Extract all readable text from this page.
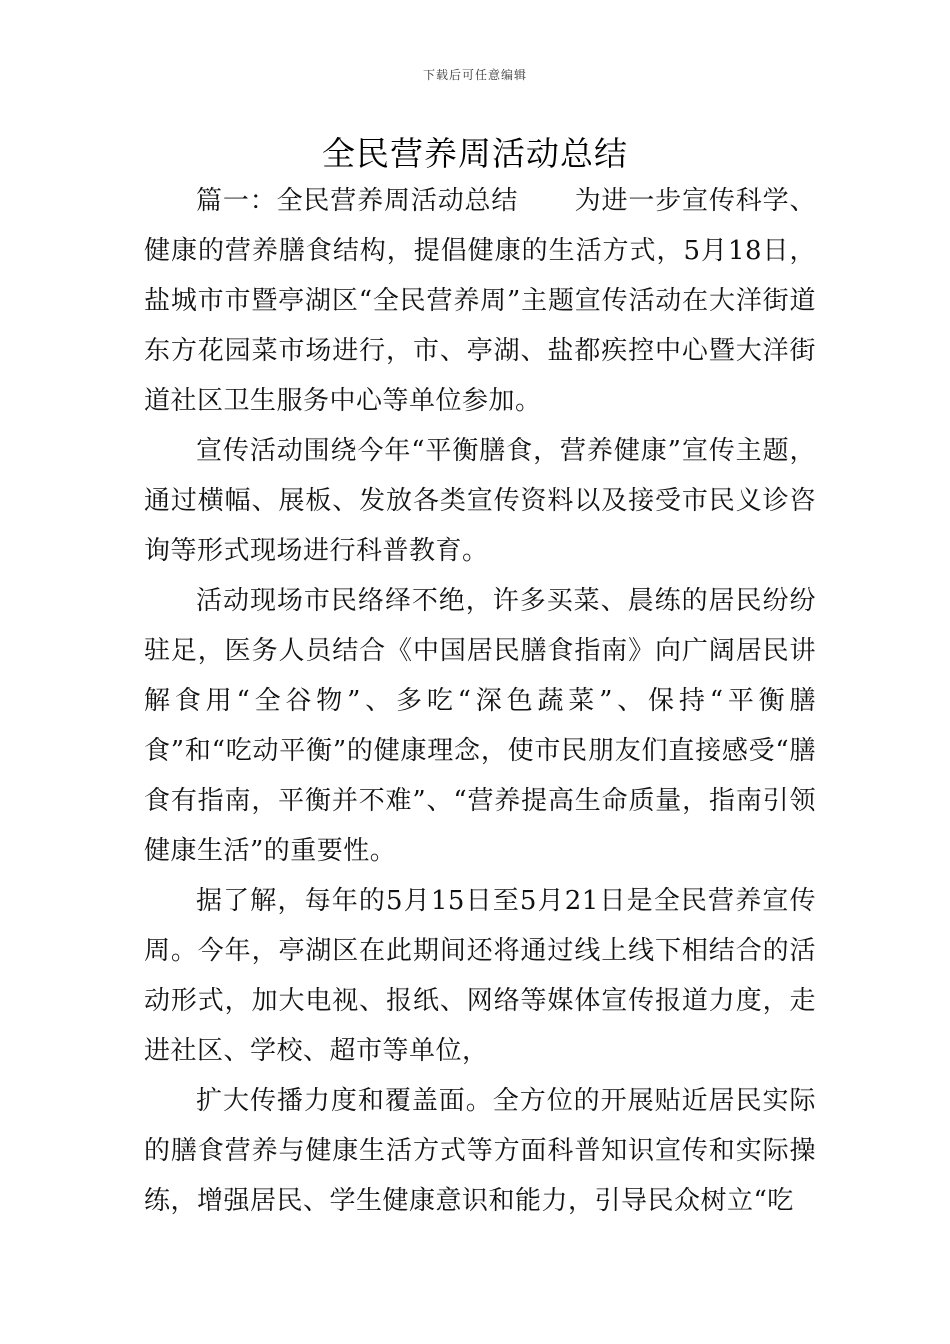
下载后可任意编辑
全民营养周活动总结

篇一：全民营养周活动总结 为进一步宣传科学、健康的营养膳食结构，提倡健康的生活方式，5月18日，盐城市市暨亭湖区“全民营养周”主题宣传活动在大洋街道东方花园菜市场进行，市、亭湖、盐都疾控中心暨大洋街道社区卫生服务中心等单位参加。

宣传活动围绕今年“平衡膳食，营养健康”宣传主题，通过横幅、展板、发放各类宣传资料以及接受市民义诊咨询等形式现场进行科普教育。

活动现场市民络绎不绝，许多买菜、晨练的居民纷纷驻足，医务人员结合《中国居民膳食指南》向广阔居民讲解食用“全谷物”、多吃“深色蔬菜”、保持“平衡膳食”和“吃动平衡”的健康理念，使市民朋友们直接感受“膳食有指南，平衡并不难”、“营养提高生命质量，指南引领健康生活”的重要性。

据了解，每年的5月15日至5月21日是全民营养宣传周。今年，亭湖区在此期间还将通过线上线下相结合的活动形式，加大电视、报纸、网络等媒体宣传报道力度，走进社区、学校、超市等单位，

扩大传播力度和覆盖面。全方位的开展贴近居民实际的膳食营养与健康生活方式等方面科普知识宣传和实际操练，增强居民、学生健康意识和能力，引导民众树立“吃
